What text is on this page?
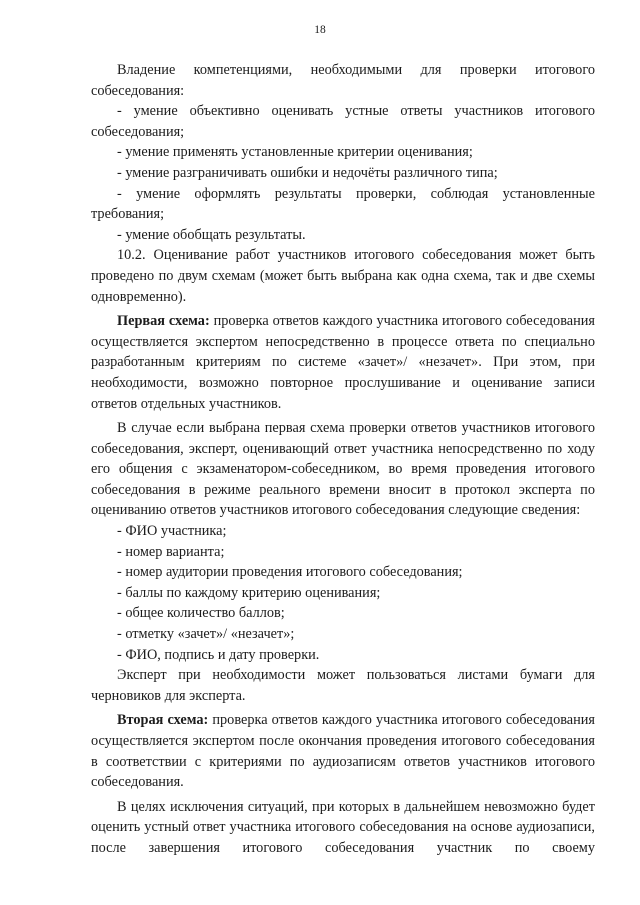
18

Владение компетенциями, необходимыми для проверки итогового собеседования:

- умение объективно оценивать устные ответы участников итогового собеседования;

- умение применять установленные критерии оценивания;

- умение разграничивать ошибки и недочёты различного типа;

- умение оформлять результаты проверки, соблюдая установленные требования;

- умение обобщать результаты.

10.2. Оценивание работ участников итогового собеседования может быть проведено по двум схемам (может быть выбрана как одна схема, так и две схемы одновременно).

Первая схема: проверка ответов каждого участника итогового собеседования осуществляется экспертом непосредственно в процессе ответа по специально разработанным критериям по системе «зачет»/ «незачет». При этом, при необходимости, возможно повторное прослушивание и оценивание записи ответов отдельных участников.

В случае если выбрана первая схема проверки ответов участников итогового собеседования, эксперт, оценивающий ответ участника непосредственно по ходу его общения с экзаменатором-собеседником, во время проведения итогового собеседования в режиме реального времени вносит в протокол эксперта по оцениванию ответов участников итогового собеседования следующие сведения:

- ФИО участника;

- номер варианта;

- номер аудитории проведения итогового собеседования;

- баллы по каждому критерию оценивания;

- общее количество баллов;

- отметку «зачет»/ «незачет»;

- ФИО, подпись и дату проверки.

Эксперт при необходимости может пользоваться листами бумаги для черновиков для эксперта.

Вторая схема: проверка ответов каждого участника итогового собеседования осуществляется экспертом после окончания проведения итогового собеседования в соответствии с критериями по аудиозаписям ответов участников итогового собеседования.

В целях исключения ситуаций, при которых в дальнейшем невозможно будет оценить устный ответ участника итогового собеседования на основе аудиозаписи, после завершения итогового собеседования участник по своему
